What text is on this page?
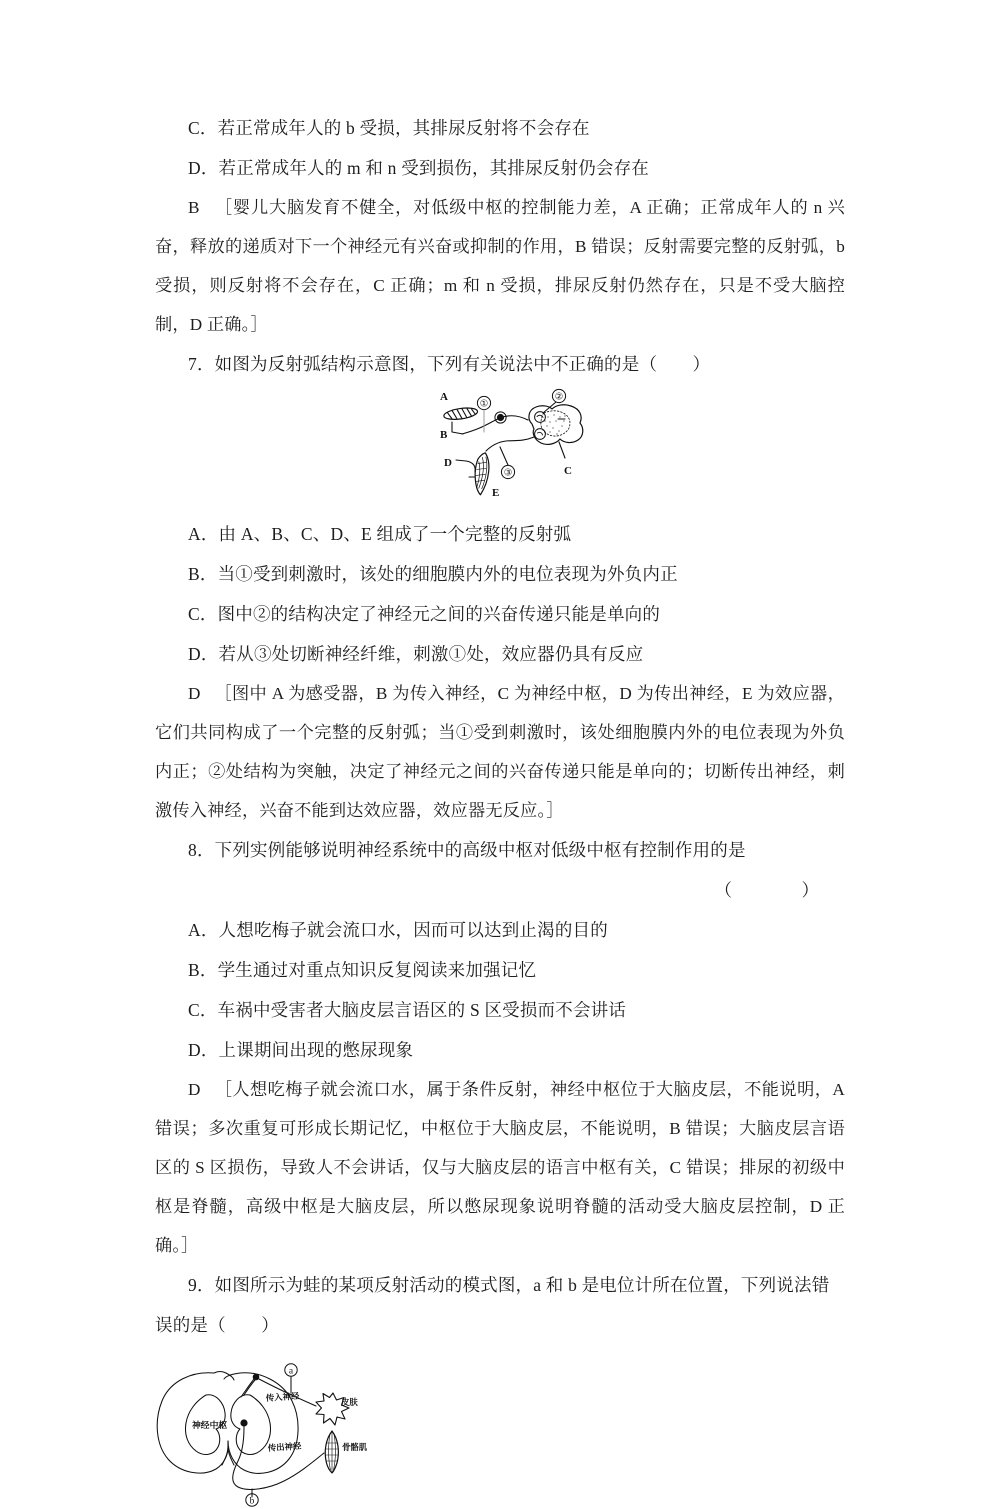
C．若正常成年人的 b 受损，其排尿反射将不会存在
D．若正常成年人的 m 和 n 受到损伤，其排尿反射仍会存在
B ［婴儿大脑发育不健全，对低级中枢的控制能力差，A 正确；正常成年人的 n 兴奋，释放的递质对下一个神经元有兴奋或抑制的作用，B 错误；反射需要完整的反射弧，b 受损，则反射将不会存在，C 正确；m 和 n 受损，排尿反射仍然存在，只是不受大脑控制，D 正确。］
7．如图为反射弧结构示意图，下列有关说法中不正确的是（　　）
A
B
C
D
E
①
②
③
A．由 A、B、C、D、E 组成了一个完整的反射弧
B．当①受到刺激时，该处的细胞膜内外的电位表现为外负内正
C．图中②的结构决定了神经元之间的兴奋传递只能是单向的
D．若从③处切断神经纤维，刺激①处，效应器仍具有反应
D ［图中 A 为感受器，B 为传入神经，C 为神经中枢，D 为传出神经，E 为效应器，它们共同构成了一个完整的反射弧；当①受到刺激时，该处细胞膜内外的电位表现为外负内正；②处结构为突触，决定了神经元之间的兴奋传递只能是单向的；切断传出神经，刺激传入神经，兴奋不能到达效应器，效应器无反应。］
8．下列实例能够说明神经系统中的高级中枢对低级中枢有控制作用的是
（　）
A．人想吃梅子就会流口水，因而可以达到止渴的目的
B．学生通过对重点知识反复阅读来加强记忆
C．车祸中受害者大脑皮层言语区的 S 区受损而不会讲话
D．上课期间出现的憋尿现象
D ［人想吃梅子就会流口水，属于条件反射，神经中枢位于大脑皮层，不能说明，A 错误；多次重复可形成长期记忆，中枢位于大脑皮层，不能说明，B 错误；大脑皮层言语区的 S 区损伤，导致人不会讲话，仅与大脑皮层的语言中枢有关，C 错误；排尿的初级中枢是脊髓，高级中枢是大脑皮层，所以憋尿现象说明脊髓的活动受大脑皮层控制，D 正确。］
9．如图所示为蛙的某项反射活动的模式图，a 和 b 是电位计所在位置，下列说法错误的是（　　）
神经中枢
传入神经
传出神经
皮肤
骨骼肌
a
b
